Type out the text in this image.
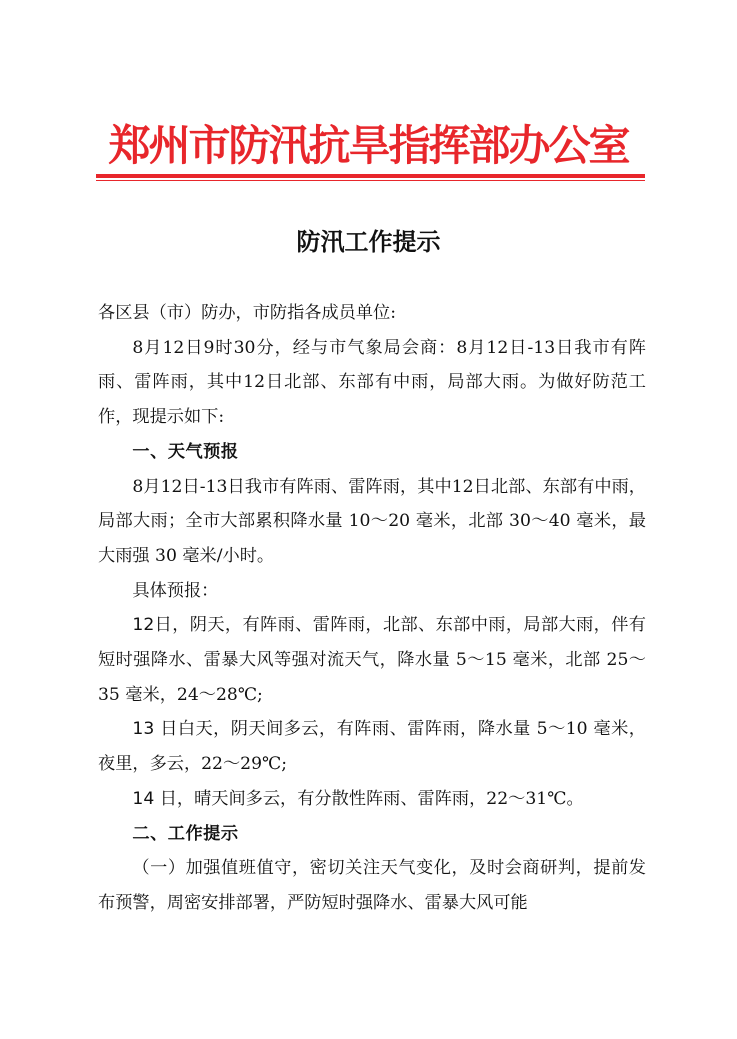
郑州市防汛抗旱指挥部办公室
防汛工作提示

各区县（市）防办，市防指各成员单位:

8月12日9时30分，经与市气象局会商：8月12日-13日我市有阵雨、雷阵雨，其中12日北部、东部有中雨，局部大雨。为做好防范工作，现提示如下:

一、天气预报

8月12日-13日我市有阵雨、雷阵雨，其中12日北部、东部有中雨，局部大雨；全市大部累积降水量 10～20 毫米，北部 30～40 毫米，最大雨强 30 毫米/小时。

具体预报：

12日，阴天，有阵雨、雷阵雨，北部、东部中雨，局部大雨，伴有短时强降水、雷暴大风等强对流天气，降水量 5～15 毫米，北部 25～35 毫米，24～28℃;

13 日白天，阴天间多云，有阵雨、雷阵雨，降水量 5～10 毫米，夜里，多云，22～29℃;

14 日，晴天间多云，有分散性阵雨、雷阵雨，22～31℃。

二、工作提示

（一）加强值班值守，密切关注天气变化，及时会商研判，提前发布预警，周密安排部署，严防短时强降水、雷暴大风可能
